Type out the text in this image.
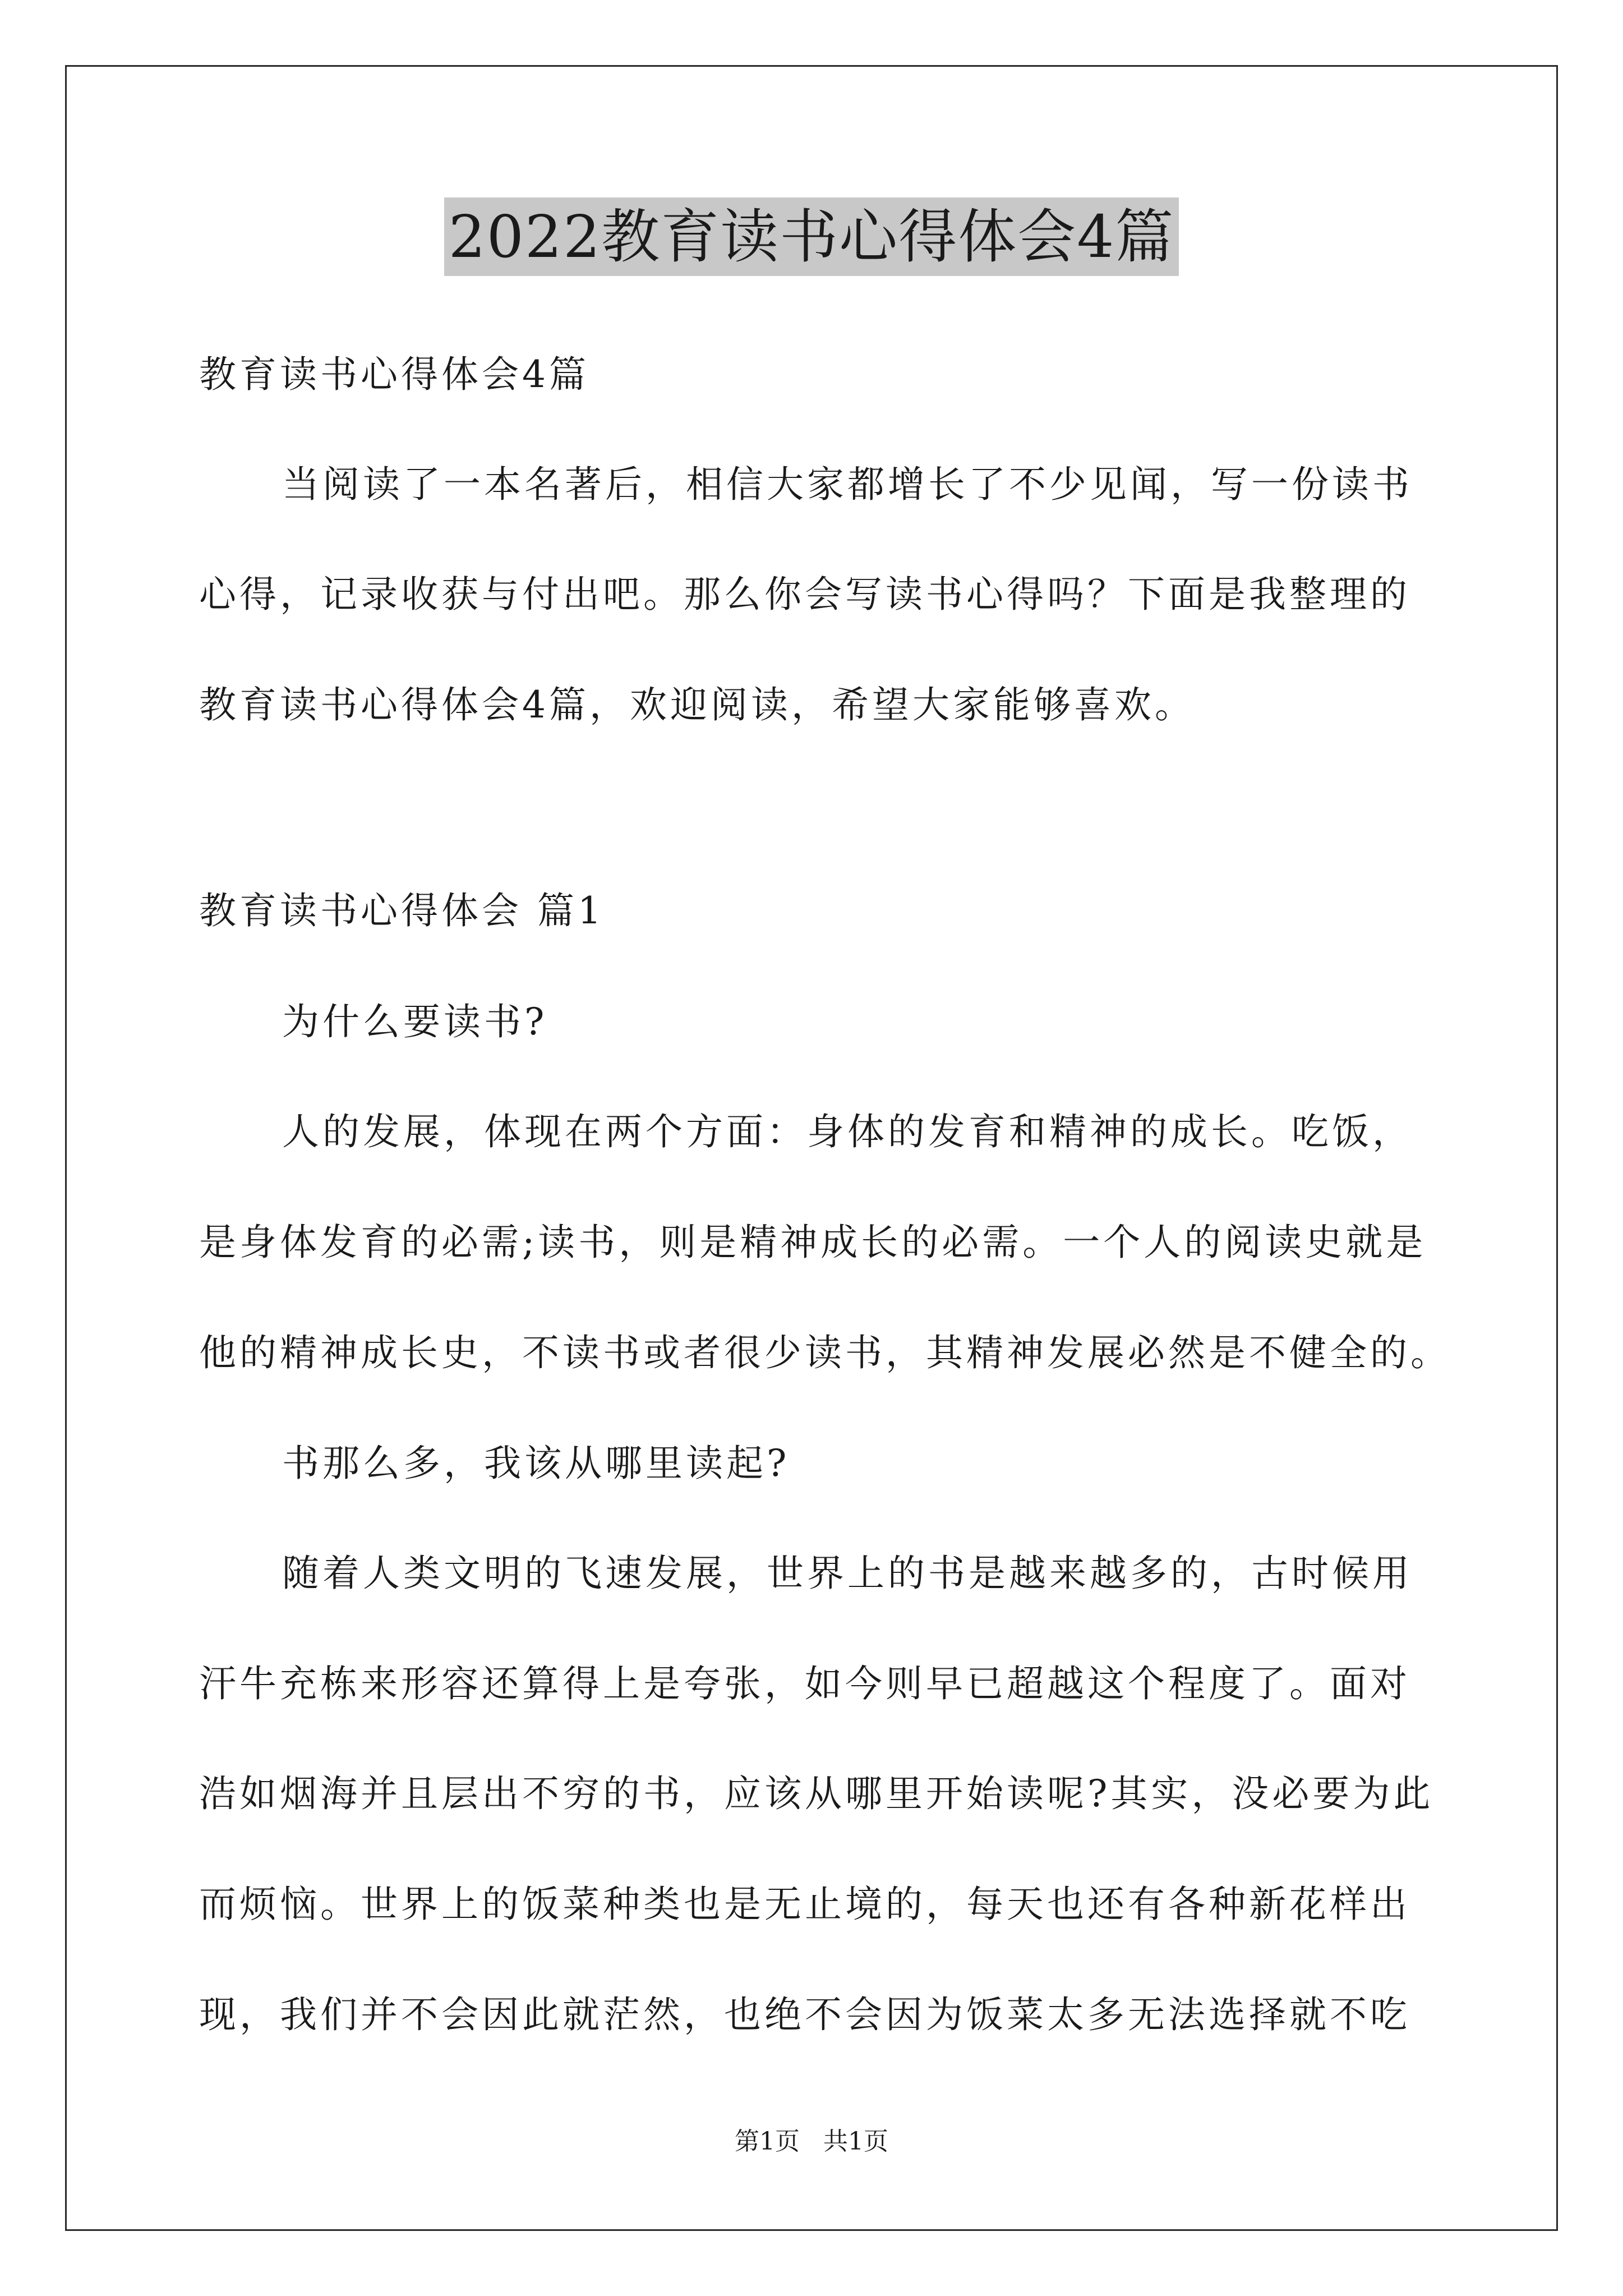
2022教育读书心得体会4篇
教育读书心得体会4篇
当阅读了一本名著后，相信大家都增长了不少见闻，写一份读书
心得，记录收获与付出吧。那么你会写读书心得吗？下面是我整理的
教育读书心得体会4篇，欢迎阅读，希望大家能够喜欢。
教育读书心得体会 篇1
为什么要读书?
人的发展，体现在两个方面：身体的发育和精神的成长。吃饭，
是身体发育的必需;读书，则是精神成长的必需。一个人的阅读史就是
他的精神成长史，不读书或者很少读书，其精神发展必然是不健全的。
书那么多，我该从哪里读起?
随着人类文明的飞速发展，世界上的书是越来越多的，古时候用
汗牛充栋来形容还算得上是夸张，如今则早已超越这个程度了。面对
浩如烟海并且层出不穷的书，应该从哪里开始读呢?其实，没必要为此
而烦恼。世界上的饭菜种类也是无止境的，每天也还有各种新花样出
现，我们并不会因此就茫然，也绝不会因为饭菜太多无法选择就不吃
第1页   共1页
